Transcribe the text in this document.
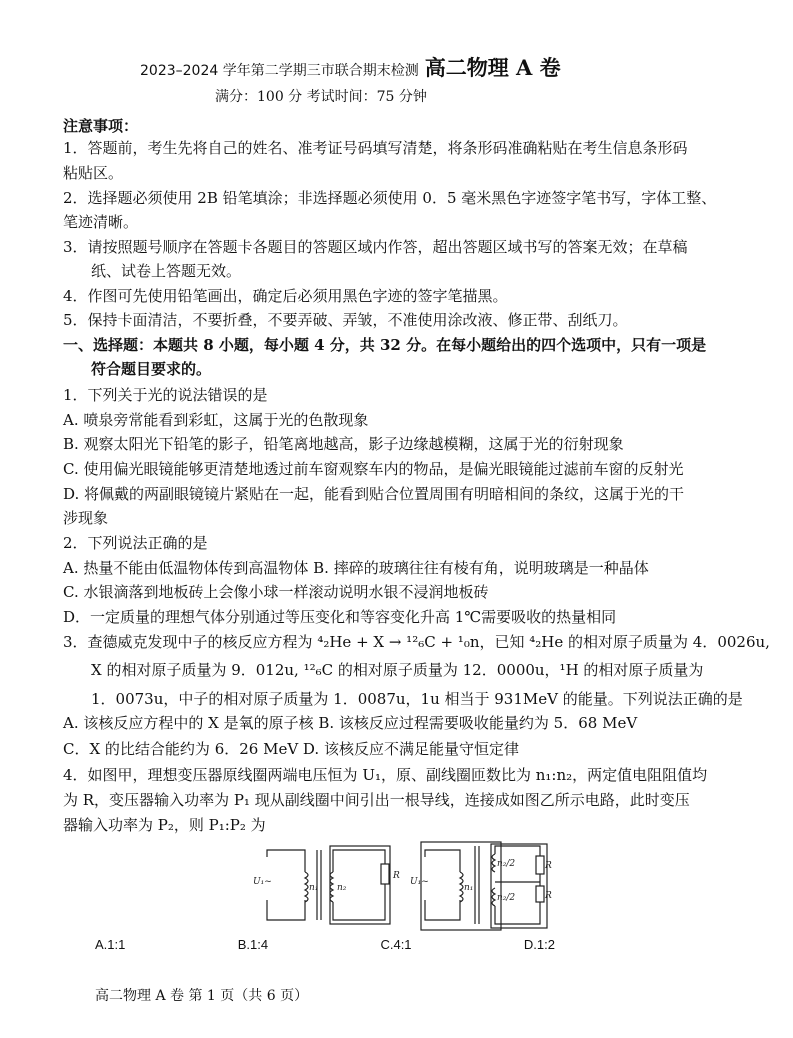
2023–2024 学年第二学期三市联合期末检测 高二物理 A 卷
满分：100 分 考试时间：75 分钟
注意事项：
1．答题前，考生先将自己的姓名、准考证号码填写清楚，将条形码准确粘贴在考生信息条形码
粘贴区。
2．选择题必须使用 2B 铅笔填涂；非选择题必须使用 0．5 毫米黑色字迹签字笔书写，字体工整、
笔迹清晰。
3．请按照题号顺序在答题卡各题目的答题区域内作答，超出答题区域书写的答案无效；在草稿
纸、试卷上答题无效。
4．作图可先使用铅笔画出，确定后必须用黑色字迹的签字笔描黑。
5．保持卡面清洁，不要折叠，不要弄破、弄皱，不准使用涂改液、修正带、刮纸刀。
一、选择题：本题共 8 小题，每小题 4 分，共 32 分。在每小题给出的四个选项中，只有一项是
符合题目要求的。
1．下列关于光的说法错误的是
A. 喷泉旁常能看到彩虹，这属于光的色散现象
B. 观察太阳光下铅笔的影子，铅笔离地越高，影子边缘越模糊，这属于光的衍射现象
C. 使用偏光眼镜能够更清楚地透过前车窗观察车内的物品，是偏光眼镜能过滤前车窗的反射光
D. 将佩戴的两副眼镜镜片紧贴在一起，能看到贴合位置周围有明暗相间的条纹，这属于光的干
涉现象
2．下列说法正确的是
A. 热量不能由低温物体传到高温物体 B. 摔碎的玻璃往往有棱有角，说明玻璃是一种晶体
C. 水银滴落到地板砖上会像小球一样滚动说明水银不浸润地板砖
D．一定质量的理想气体分别通过等压变化和等容变化升高 1℃需要吸收的热量相同
3．查德威克发现中子的核反应方程为 ⁴₂He + X → ¹²₆C + ¹₀n，已知 ⁴₂He 的相对原子质量为 4．0026u,
X 的相对原子质量为 9．012u, ¹²₆C 的相对原子质量为 12．0000u，¹H 的相对原子质量为
1．0073u，中子的相对原子质量为 1．0087u，1u 相当于 931MeV 的能量。下列说法正确的是
A. 该核反应方程中的 X 是氧的原子核 B. 该核反应过程需要吸收能量约为 5．68 MeV
C．X 的比结合能约为 6．26 MeV D. 该核反应不满足能量守恒定律
4．如图甲，理想变压器原线圈两端电压恒为 U₁，原、副线圈匝数比为 n₁:n₂，两定值电阻阻值均
为 R，变压器输入功率为 P₁ 现从副线圈中间引出一根导线，连接成如图乙所示电路，此时变压
器输入功率为 P₂，则 P₁:P₂ 为
U₁~
n₁ n₂
R
U₁~
n₁
n₂/2
n₂/2
R
R
A.1:1	B.1:4	C.4:1	D.1:2
高二物理 A 卷 第 1 页（共 6 页）
